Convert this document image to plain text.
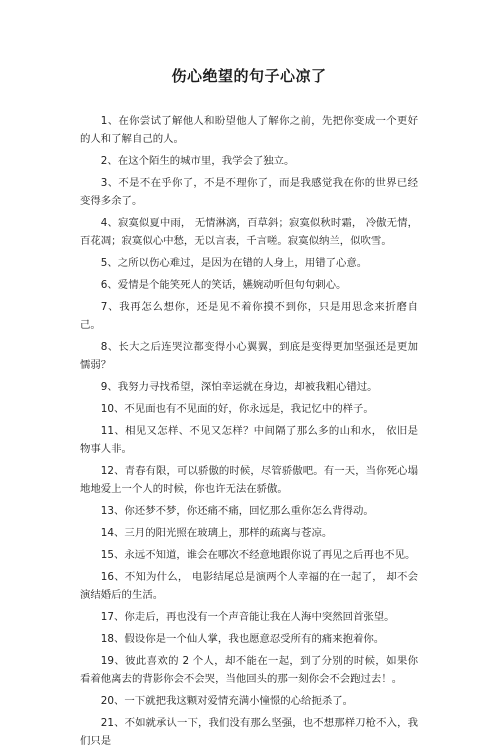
伤心绝望的句子心凉了
1、在你尝试了解他人和盼望他人了解你之前，先把你变成一个更好的人和了解自己的人。
2、在这个陌生的城市里，我学会了独立。
3、不是不在乎你了，不是不理你了，而是我感觉我在你的世界已经变得多余了。
4、寂寞似夏中雨， 无情淋漓，百草斜；寂寞似秋时霜， 冷傲无情，百花凋；寂寞似心中愁，无以言表，千言嗟。寂寞似纳兰，似吹雪。
5、之所以伤心难过，是因为在错的人身上，用错了心意。
6、爱情是个能笑死人的笑话，嬿婉动听但句句刺心。
7、我再怎么想你，还是见不着你摸不到你，只是用思念来折磨自己。
8、长大之后连哭泣都变得小心翼翼，到底是变得更加坚强还是更加懦弱？
9、我努力寻找希望，深怕幸运就在身边，却被我粗心错过。
10、不见面也有不见面的好，你永远是，我记忆中的样子。
11、相见又怎样、不见又怎样？中间隔了那么多的山和水， 依旧是物事人非。
12、青春有限，可以骄傲的时候，尽管骄傲吧。有一天，当你死心塌地地爱上一个人的时候，你也许无法在骄傲。
13、你还梦不梦，你还痛不痛，回忆那么重你怎么背得动。
14、三月的阳光照在玻璃上，那样的疏离与苍凉。
15、永远不知道，谁会在哪次不经意地跟你说了再见之后再也不见。
16、不知为什么， 电影结尾总是演两个人幸福的在一起了， 却不会演结婚后的生活。
17、你走后，再也没有一个声音能让我在人海中突然回首张望。
18、假设你是一个仙人掌，我也愿意忍受所有的痛来抱着你。
19、彼此喜欢的 2 个人，却不能在一起，到了分别的时候，如果你看着他离去的背影你会不会哭，当他回头的那一刻你会不会跑过去！。
20、一下就把我这颗对爱情充满小憧憬的心给扼杀了。
21、不如就承认一下，我们没有那么坚强，也不想那样刀枪不入，我们只是
